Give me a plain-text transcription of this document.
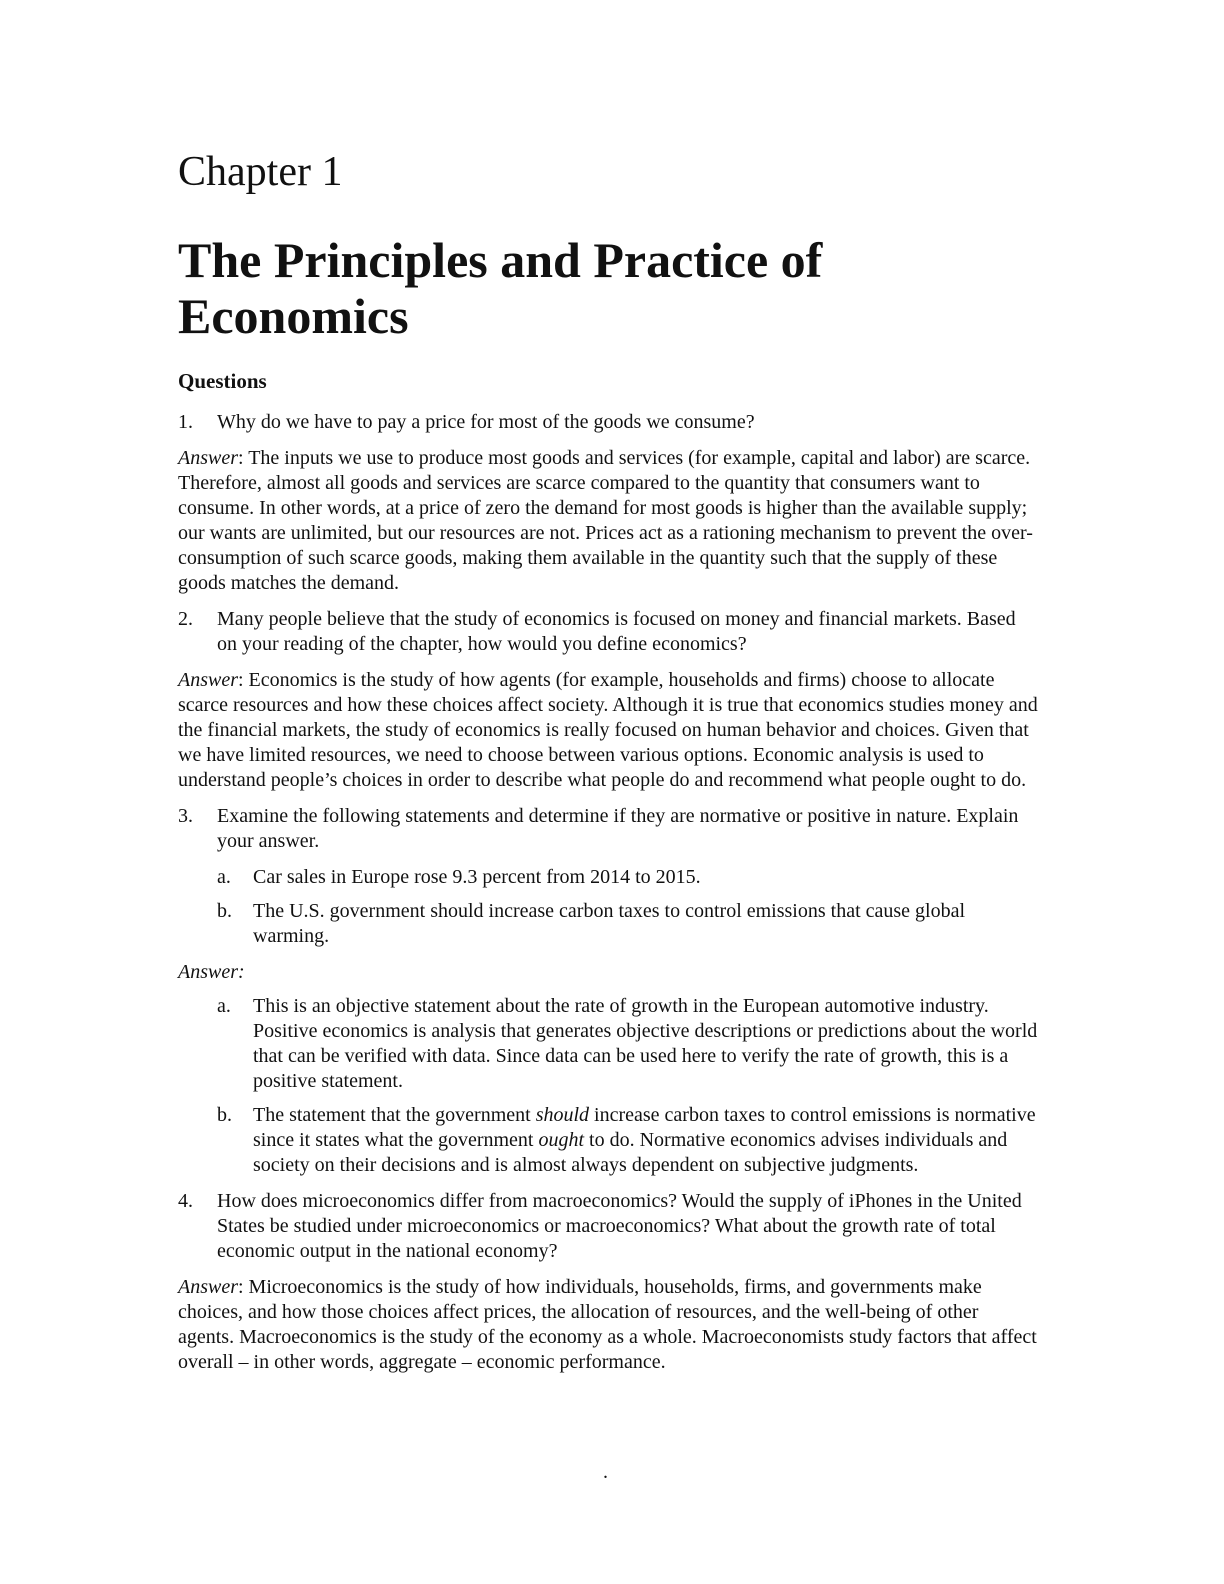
Chapter 1
The Principles and Practice of Economics
Questions
1. Why do we have to pay a price for most of the goods we consume?

Answer: The inputs we use to produce most goods and services (for example, capital and labor) are scarce. Therefore, almost all goods and services are scarce compared to the quantity that consumers want to consume. In other words, at a price of zero the demand for most goods is higher than the available supply; our wants are unlimited, but our resources are not. Prices act as a rationing mechanism to prevent the over-consumption of such scarce goods, making them available in the quantity such that the supply of these goods matches the demand.

2. Many people believe that the study of economics is focused on money and financial markets. Based on your reading of the chapter, how would you define economics?

Answer: Economics is the study of how agents (for example, households and firms) choose to allocate scarce resources and how these choices affect society. Although it is true that economics studies money and the financial markets, the study of economics is really focused on human behavior and choices. Given that we have limited resources, we need to choose between various options. Economic analysis is used to understand people’s choices in order to describe what people do and recommend what people ought to do.

3. Examine the following statements and determine if they are normative or positive in nature. Explain your answer.
a. Car sales in Europe rose 9.3 percent from 2014 to 2015.
b. The U.S. government should increase carbon taxes to control emissions that cause global warming.
Answer:
a. This is an objective statement about the rate of growth in the European automotive industry. Positive economics is analysis that generates objective descriptions or predictions about the world that can be verified with data. Since data can be used here to verify the rate of growth, this is a positive statement.
b. The statement that the government should increase carbon taxes to control emissions is normative since it states what the government ought to do. Normative economics advises individuals and society on their decisions and is almost always dependent on subjective judgments.
4. How does microeconomics differ from macroeconomics? Would the supply of iPhones in the United States be studied under microeconomics or macroeconomics? What about the growth rate of total economic output in the national economy?

Answer: Microeconomics is the study of how individuals, households, firms, and governments make choices, and how those choices affect prices, the allocation of resources, and the well-being of other agents. Macroeconomics is the study of the economy as a whole. Macroeconomists study factors that affect overall – in other words, aggregate – economic performance.

.
